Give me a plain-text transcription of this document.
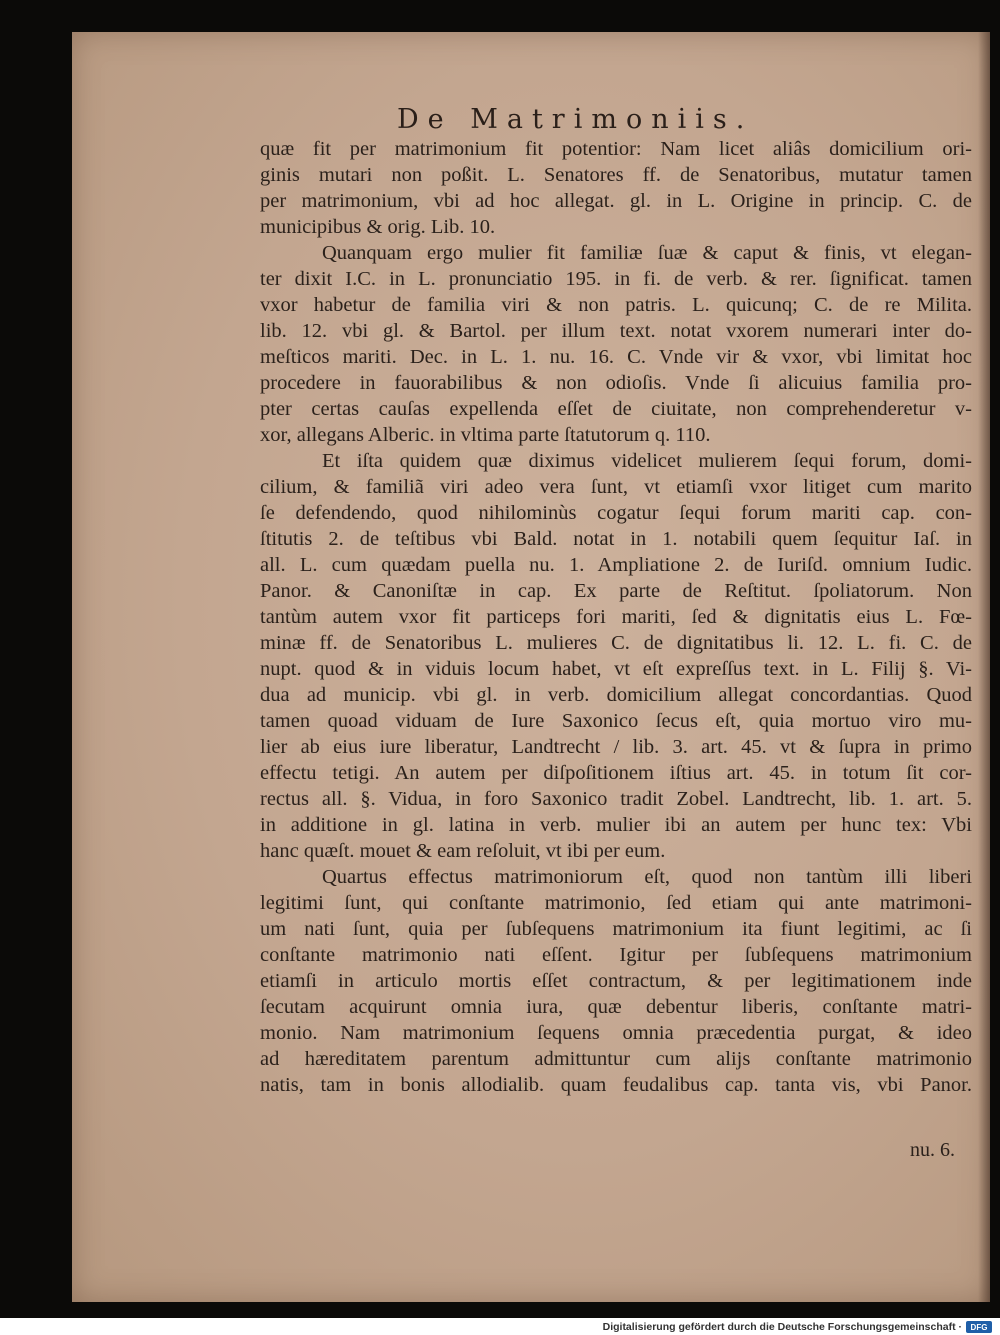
De Matrimoniis.
quæ fit per matrimonium fit potentior: Nam licet aliâs domicilium ori-
ginis mutari non poßit. L. Senatores ff. de Senatoribus, mutatur tamen
per matrimonium, vbi ad hoc allegat. gl. in L. Origine in princip. C. de
municipibus & orig. Lib. 10.
Quanquam ergo mulier fit familiæ ſuæ & caput & finis, vt elegan-
ter dixit I.C. in L. pronunciatio 195. in fi. de verb. & rer. ſignificat. tamen
vxor habetur de familia viri & non patris. L. quicunq; C. de re Milita.
lib. 12. vbi gl. & Bartol. per illum text. notat vxorem numerari inter do-
meſticos mariti. Dec. in L. 1. nu. 16. C. Vnde vir & vxor, vbi limitat hoc
procedere in fauorabilibus & non odioſis. Vnde ſi alicuius familia pro-
pter certas cauſas expellenda eſſet de ciuitate, non comprehenderetur v-
xor, allegans Alberic. in vltima parte ſtatutorum q. 110.
Et iſta quidem quæ diximus videlicet mulierem ſequi forum, domi-
cilium, & familiã viri adeo vera ſunt, vt etiamſi vxor litiget cum marito
ſe defendendo, quod nihilominùs cogatur ſequi forum mariti cap. con-
ſtitutis 2. de teſtibus vbi Bald. notat in 1. notabili quem ſequitur Iaſ. in
all. L. cum quædam puella nu. 1. Ampliatione 2. de Iuriſd. omnium Iudic.
Panor. & Canoniſtæ in cap. Ex parte de Reſtitut. ſpoliatorum. Non
tantùm autem vxor fit particeps fori mariti, ſed & dignitatis eius L. Fœ-
minæ ff. de Senatoribus L. mulieres C. de dignitatibus li. 12. L. fi. C. de
nupt. quod & in viduis locum habet, vt eſt expreſſus text. in L. Filij §. Vi-
dua ad municip. vbi gl. in verb. domicilium allegat concordantias. Quod
tamen quoad viduam de Iure Saxonico ſecus eſt, quia mortuo viro mu-
lier ab eius iure liberatur, Landtrecht / lib. 3. art. 45. vt & ſupra in primo
effectu tetigi. An autem per diſpoſitionem iſtius art. 45. in totum ſit cor-
rectus all. §. Vidua, in foro Saxonico tradit Zobel. Landtrecht, lib. 1. art. 5.
in additione in gl. latina in verb. mulier ibi an autem per hunc tex: Vbi
hanc quæſt. mouet & eam reſoluit, vt ibi per eum.
Quartus effectus matrimoniorum eſt, quod non tantùm illi liberi
legitimi ſunt, qui conſtante matrimonio, ſed etiam qui ante matrimoni-
um nati ſunt, quia per ſubſequens matrimonium ita fiunt legitimi, ac ſi
conſtante matrimonio nati eſſent. Igitur per ſubſequens matrimonium
etiamſi in articulo mortis eſſet contractum, & per legitimationem inde
ſecutam acquirunt omnia iura, quæ debentur liberis, conſtante matri-
monio. Nam matrimonium ſequens omnia præcedentia purgat, & ideo
ad hæreditatem parentum admittuntur cum alijs conſtante matrimonio
natis, tam in bonis allodialib. quam feudalibus cap. tanta vis, vbi Panor.
nu. 6.
Digitalisierung gefördert durch die Deutsche Forschungsgemeinschaft ·	DFG
